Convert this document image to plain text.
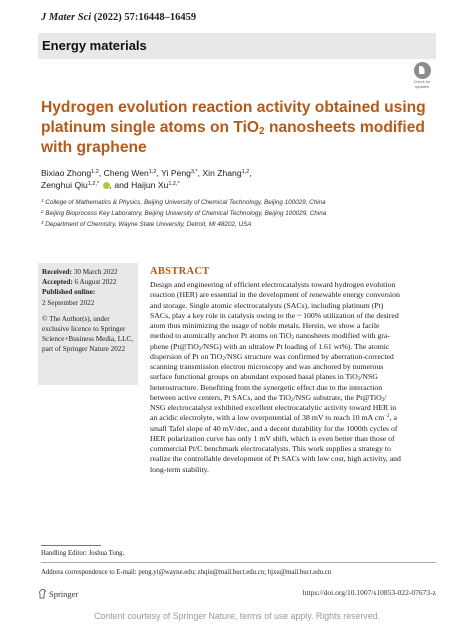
J Mater Sci (2022) 57:16448–16459
Energy materials
Check for
updates
Hydrogen evolution reaction activity obtained using platinum single atoms on TiO$_2$ nanosheets modified with graphene
Bixiao Zhong$^{1,2}$, Cheng Wen$^{1,2}$, Yi Peng$^{3,*}$, Xin Zhang$^{1,2}$,
Zenghui Qiu$^{1,2,*}$ , and Haijun $Xu^{1,2,*}$
$^1$ College of Mathematics & Physics, Beijing University of Chemical Technology, Beijing 100029, China
$^2$ Beijing Bioprocess Key Laboratory, Beijing University of Chemical Technology, Beijing 100029, China
$^3$ Department of Chemistry, Wayne State University, Detroit, MI 48202, USA
Received: 30 March 2022
Accepted: 6 August 2022
Published online:
2 September 2022
© The Author(s), under
exclusive licence to Springer
Science+Business Media, LLC,
part of Springer Nature 2022
ABSTRACT
Design and engineering of efficient electrocatalysts toward hydrogen evolution
reaction (HER) are essential in the development of renewable energy conversion
and storage. Single atomic electrocatalysts (SACs), including platinum (Pt)
SACs, play a key role in catalysis owing to the ~ 100% utilization of the desired
atom thus minimizing the usage of noble metals. Herein, we show a facile
method to atomically anchor Pt atoms on TiO$_2$ nanosheets modified with gra-
phene (Pt@TiO$_2$/NSG) with an ultralow Pt loading of 1.61 wt%). The atomic
dispersion of Pt on TiO$_2$/NSG structure was confirmed by aberration-corrected
scanning transmission electron microscopy and was anchored by numerous
surface functional groups on abundant exposed basal planes in TiO$_2$/NSG
heterostructure. Benefiting from the synergetic effect due to the interaction
between active centers, Pt SACs, and the TiO$_2$/NSG substrate, the Pt@TiO$_2$/
NSG electrocatalyst exhibited excellent electrocatalytic activity toward HER in
an acidic electrolyte, with a low overpotential of 38 mV to reach 10 mA $cm^{-2}$, a
small Tafel slope of 40 mV/dec, and a decent durability for the 1000th cycles of
HER polarization curve has only 1 mV shift, which is even better than those of
commercial Pt/C benchmark electrocatalysts. This work supplies a strategy to
realize the controllable development of Pt SACs with low cost, high activity, and
long-term stability.
Handling Editor: Joshua Tong.
Address correspondence to E-mail: peng.yi@wayne.edu; zhqiu@mail.buct.edu.cn; hjxu@mail.buct.edu.cn
Springer	https://doi.org/10.1007/s10853-022-07673-z
Content courtesy of Springer Nature, terms of use apply. Rights reserved.
